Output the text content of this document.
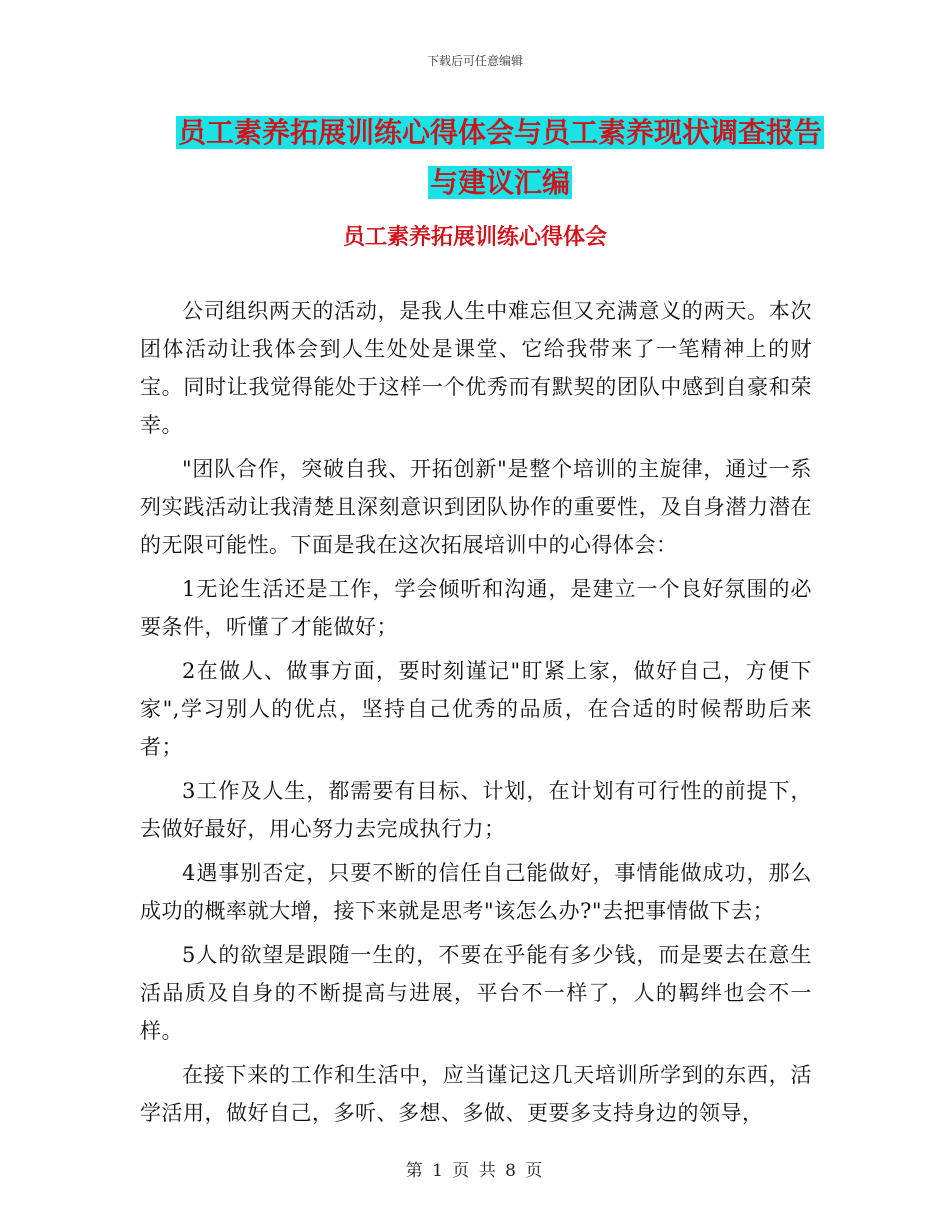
下载后可任意编辑
员工素养拓展训练心得体会与员工素养现状调查报告
与建议汇编
员工素养拓展训练心得体会

公司组织两天的活动，是我人生中难忘但又充满意义的两天。本次团体活动让我体会到人生处处是课堂、它给我带来了一笔精神上的财宝。同时让我觉得能处于这样一个优秀而有默契的团队中感到自豪和荣幸。

"团队合作，突破自我、开拓创新"是整个培训的主旋律，通过一系列实践活动让我清楚且深刻意识到团队协作的重要性，及自身潜力潜在的无限可能性。下面是我在这次拓展培训中的心得体会：

1无论生活还是工作，学会倾听和沟通，是建立一个良好氛围的必要条件，听懂了才能做好；

2在做人、做事方面，要时刻谨记"盯紧上家，做好自己，方便下家",学习别人的优点，坚持自己优秀的品质，在合适的时候帮助后来者；

3工作及人生，都需要有目标、计划，在计划有可行性的前提下，去做好最好，用心努力去完成执行力；

4遇事别否定，只要不断的信任自己能做好，事情能做成功，那么成功的概率就大增，接下来就是思考"该怎么办?"去把事情做下去；

5人的欲望是跟随一生的，不要在乎能有多少钱，而是要去在意生活品质及自身的不断提高与进展，平台不一样了，人的羁绊也会不一样。

在接下来的工作和生活中，应当谨记这几天培训所学到的东西，活学活用，做好自己，多听、多想、多做、更要多支持身边的领导，

第 1 页 共 8 页
